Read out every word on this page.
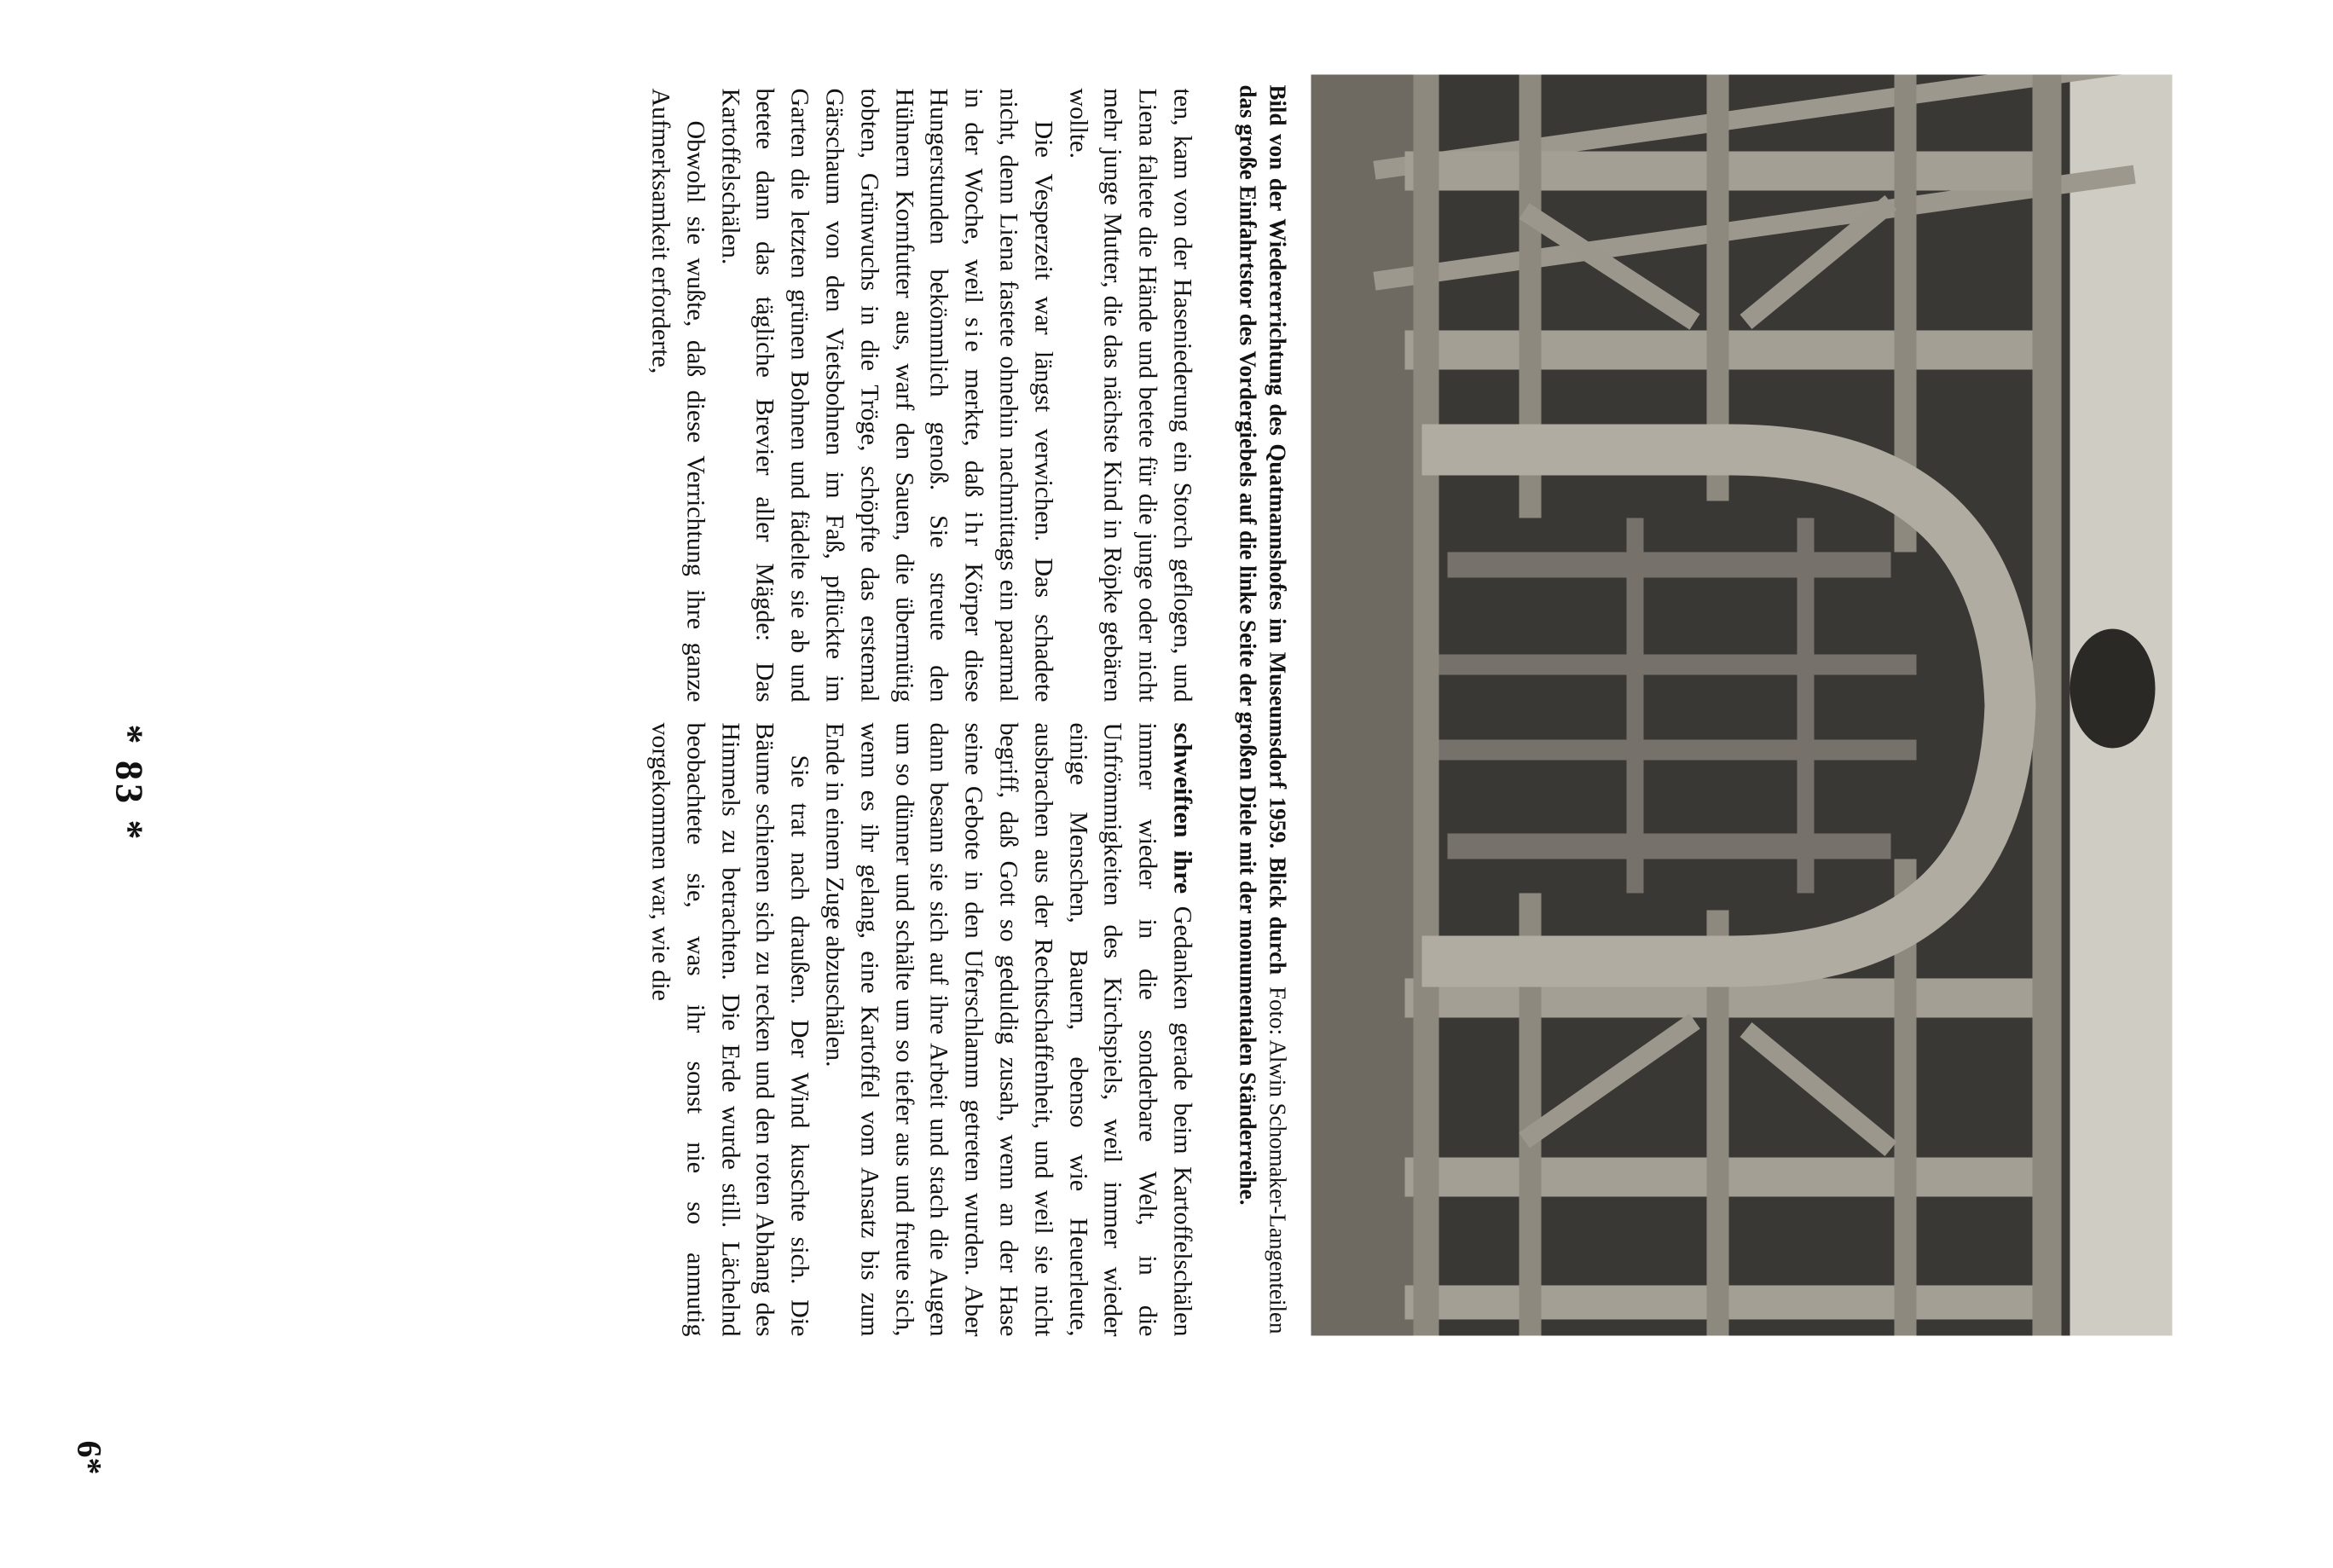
Foto: Alwin Schomaker-Langenteilen
Bild von der Wiedererrichtung des Quatmannshofes im Museumsdorf 1959. Blick durch das große Einfahrtstor des Vordergiebels auf die linke Seite der großen Diele mit der monumentalen Ständerreihe.

ten, kam von der Haseniederung ein Storch geflogen, und Liena faltete die Hände und betete für die junge oder nicht mehr junge Mutter, die das nächste Kind in Röpke gebären wollte.

Die Vesperzeit war längst verwichen. Das schadete nicht, denn Liena fastete ohnehin nachmittags ein paarmal in der Woche, weil sie merkte, daß ihr Körper diese Hungerstunden bekömmlich genoß. Sie streute den Hühnern Kornfutter aus, warf den Sauen, die übermütig tobten, Grünwuchs in die Tröge, schöpfte das erstemal Gärschaum von den Vietsbohnen im Faß, pflückte im Garten die letzten grünen Bohnen und fädelte sie ab und betete dann das tägliche Brevier aller Mägde: Das Kartoffelschälen.

Obwohl sie wußte, daß diese Verrichtung ihre ganze Aufmerksamkeit erforderte,

schweiften ihre Gedanken gerade beim Kartoffelschälen immer wieder in die sonderbare Welt, in die Unfrömmigkeiten des Kirchspiels, weil immer wieder einige Menschen, Bauern, ebenso wie Heuerleute, ausbrachen aus der Rechtschaffenheit, und weil sie nicht begriff, daß Gott so geduldig zusah, wenn an der Hase seine Gebote in den Uferschlamm getreten wurden. Aber dann besann sie sich auf ihre Arbeit und stach die Augen um so dünner und schälte um so tiefer aus und freute sich, wenn es ihr gelang, eine Kartoffel vom Ansatz bis zum Ende in einem Zuge abzuschälen.

Sie trat nach draußen. Der Wind kuschte sich. Die Bäume schienen sich zu recken und den roten Abhang des Himmels zu betrachten. Die Erde wurde still. Lächelnd beobachtete sie, was ihr sonst nie so anmutig vorgekommen war, wie die

* 83 *
6*
